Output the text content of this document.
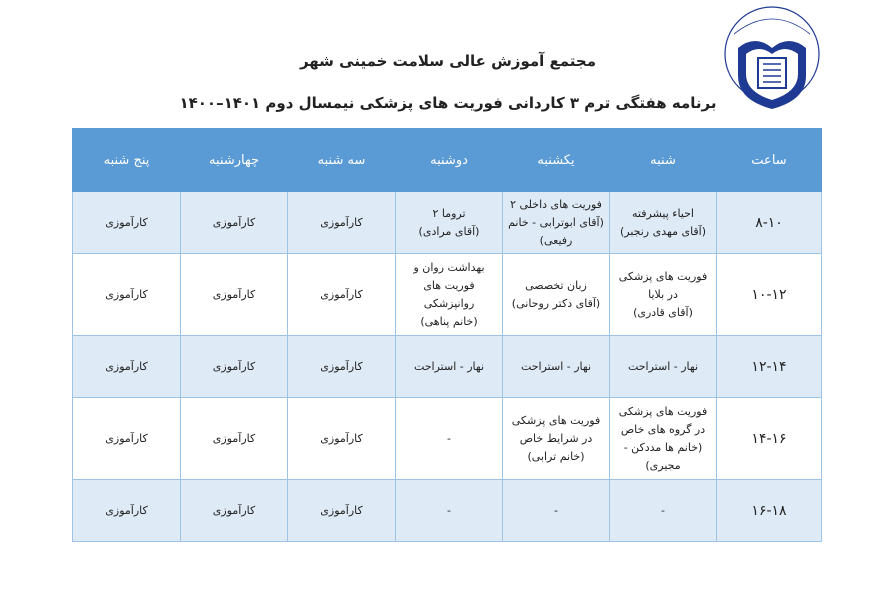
مجتمع آموزش عالی سلامت خمینی شهر
برنامه هفتگی ترم ۳ کاردانی فوریت های پزشکی نیمسال دوم ۱۴۰۱–۱۴۰۰
ساعت	شنبه	یکشنبه	دوشنبه	سه شنبه	چهارشنبه	پنج شنبه
۸-۱۰	احیاء پیشرفته
(آقای مهدی رنجبر)	فوریت های داخلی ۲
(آقای ابوترابی - خانم
رفیعی)	تروما ۲
(آقای مرادی)	کارآموزی	کارآموزی	کارآموزی
۱۰-۱۲	فوریت های پزشکی
در بلایا
(آقای قادری)	زبان تخصصی
(آقای دکتر روحانی)	بهداشت روان و
فوریت های
روانپزشکی
(خانم پناهی)	کارآموزی	کارآموزی	کارآموزی
۱۲-۱۴	نهار - استراحت	نهار - استراحت	نهار - استراحت	کارآموزی	کارآموزی	کارآموزی
۱۴-۱۶	فوریت های پزشکی
در گروه های خاص
(خانم ها مددکن -
مجیری)	فوریت های پزشکی
در شرایط خاص
(خانم ترابی)	-	کارآموزی	کارآموزی	کارآموزی
۱۶-۱۸	-	-	-	کارآموزی	کارآموزی	کارآموزی
